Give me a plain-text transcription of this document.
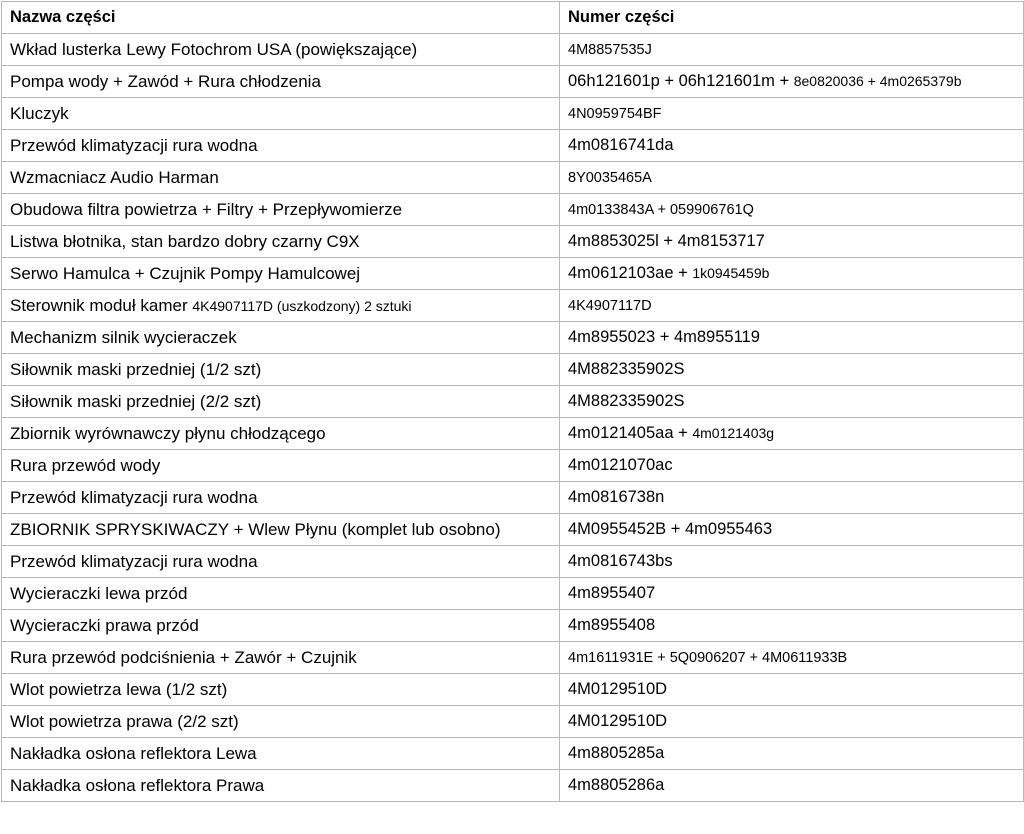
Nazwa części	Numer części
Wkład lusterka Lewy Fotochrom USA (powiększające)	4M8857535J
Pompa wody + Zawód + Rura chłodzenia	06h121601p + 06h121601m + 8e0820036 + 4m0265379b
Kluczyk	4N0959754BF
Przewód klimatyzacji rura wodna	4m0816741da
Wzmacniacz Audio Harman	8Y0035465A
Obudowa filtra powietrza + Filtry + Przepływomierze	4m0133843A + 059906761Q
Listwa błotnika, stan bardzo dobry czarny C9X	4m8853025l + 4m8153717
Serwo Hamulca + Czujnik Pompy Hamulcowej	4m0612103ae + 1k0945459b
Sterownik moduł kamer 4K4907117D (uszkodzony) 2 sztuki	4K4907117D
Mechanizm silnik wycieraczek	4m8955023 + 4m8955119
Siłownik maski przedniej (1/2 szt)	4M882335902S
Siłownik maski przedniej (2/2 szt)	4M882335902S
Zbiornik wyrównawczy płynu chłodzącego	4m0121405aa + 4m0121403g
Rura przewód wody	4m0121070ac
Przewód klimatyzacji rura wodna	4m0816738n
ZBIORNIK SPRYSKIWACZY + Wlew Płynu (komplet lub osobno)	4M0955452B + 4m0955463
Przewód klimatyzacji rura wodna	4m0816743bs
Wycieraczki lewa przód	4m8955407
Wycieraczki prawa przód	4m8955408
Rura przewód podciśnienia + Zawór + Czujnik	4m1611931E + 5Q0906207 + 4M0611933B
Wlot powietrza lewa (1/2 szt)	4M0129510D
Wlot powietrza prawa (2/2 szt)	4M0129510D
Nakładka osłona reflektora Lewa	4m8805285a
Nakładka osłona reflektora Prawa	4m8805286a
